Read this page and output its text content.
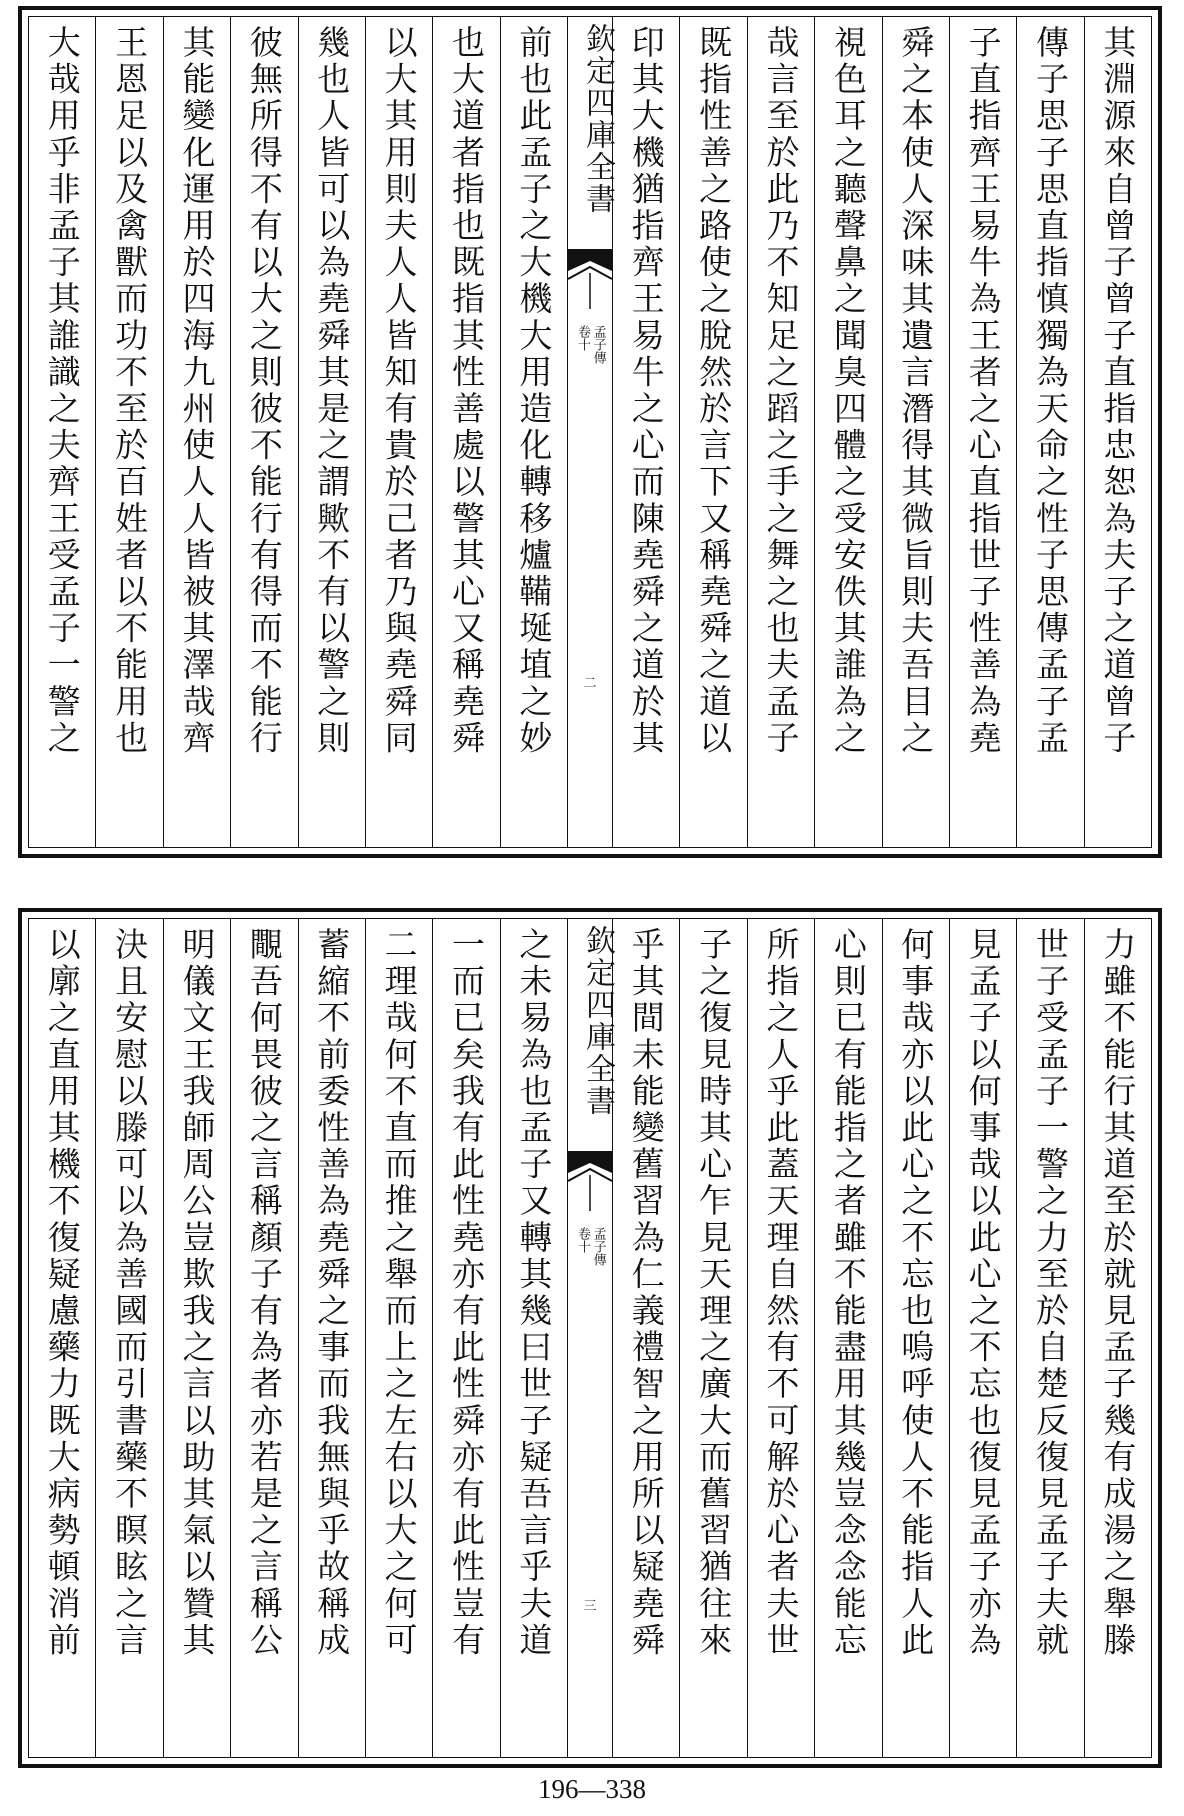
其淵源來自曾子曾子直指忠恕為夫子之道曾子
傳子思子思直指慎獨為天命之性子思傳孟子孟
子直指齊王易牛為王者之心直指世子性善為堯
舜之本使人深味其遺言潛得其微旨則夫吾目之
視色耳之聽聲鼻之聞臭四體之受安佚其誰為之
哉言至於此乃不知足之蹈之手之舞之也夫孟子
既指性善之路使之脫然於言下又稱堯舜之道以
印其大機猶指齊王易牛之心而陳堯舜之道於其
欽定四庫全書
孟子傳
卷十
二
前也此孟子之大機大用造化轉移爐鞴埏埴之妙
也大道者指也既指其性善處以警其心又稱堯舜
以大其用則夫人人皆知有貴於己者乃與堯舜同
幾也人皆可以為堯舜其是之謂歟不有以警之則
彼無所得不有以大之則彼不能行有得而不能行
其能變化運用於四海九州使人人皆被其澤哉齊
王恩足以及禽獸而功不至於百姓者以不能用也
大哉用乎非孟子其誰識之夫齊王受孟子一警之
力雖不能行其道至於就見孟子幾有成湯之舉滕
世子受孟子一警之力至於自楚反復見孟子夫就
見孟子以何事哉以此心之不忘也復見孟子亦為
何事哉亦以此心之不忘也嗚呼使人不能指人此
心則已有能指之者雖不能盡用其幾豈念念能忘
所指之人乎此蓋天理自然有不可解於心者夫世
子之復見時其心乍見天理之廣大而舊習猶往來
乎其間未能變舊習為仁義禮智之用所以疑堯舜
欽定四庫全書
孟子傳
卷十
三
之未易為也孟子又轉其幾曰世子疑吾言乎夫道
一而已矣我有此性堯亦有此性舜亦有此性豈有
二理哉何不直而推之舉而上之左右以大之何可
蓄縮不前委性善為堯舜之事而我無與乎故稱成
覸吾何畏彼之言稱顏子有為者亦若是之言稱公
明儀文王我師周公豈欺我之言以助其氣以贊其
決且安慰以滕可以為善國而引書藥不瞑眩之言
以廓之直用其機不復疑慮藥力既大病勢頓消前
196—338
